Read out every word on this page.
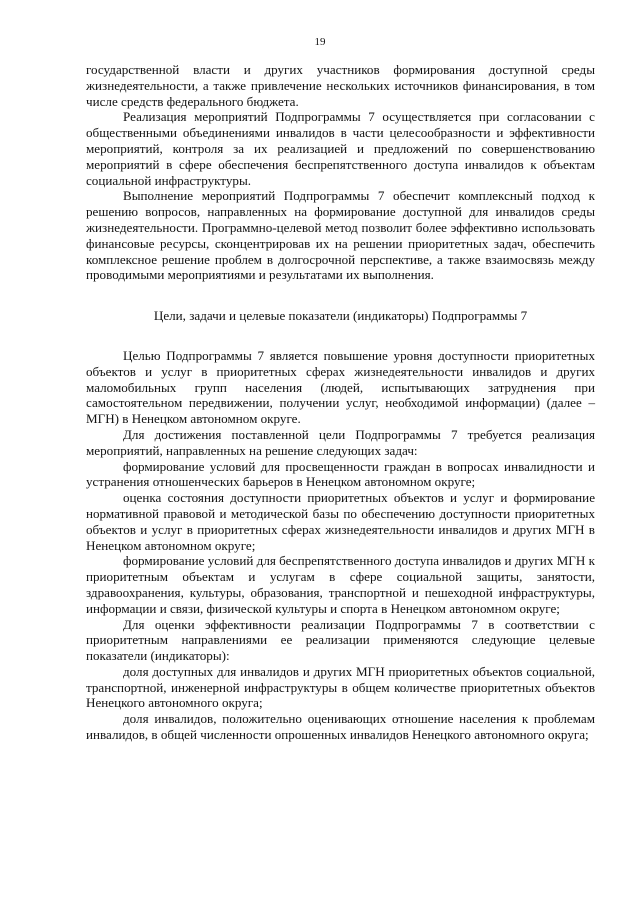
19

государственной власти и других участников формирования доступной среды жизнедеятельности, а также привлечение нескольких источников финансирования, в том числе средств федерального бюджета.

Реализация мероприятий Подпрограммы 7 осуществляется при согласовании с общественными объединениями инвалидов в части целесообразности и эффективности мероприятий, контроля за их реализацией и предложений по совершенствованию мероприятий в сфере обеспечения беспрепятственного доступа инвалидов к объектам социальной инфраструктуры.

Выполнение мероприятий Подпрограммы 7 обеспечит комплексный подход к решению вопросов, направленных на формирование доступной для инвалидов среды жизнедеятельности. Программно-целевой метод позволит более эффективно использовать финансовые ресурсы, сконцентрировав их на решении приоритетных задач, обеспечить комплексное решение проблем в долгосрочной перспективе, а также взаимосвязь между проводимыми мероприятиями и результатами их выполнения.

Цели, задачи и целевые показатели (индикаторы) Подпрограммы 7

Целью Подпрограммы 7 является повышение уровня доступности приоритетных объектов и услуг в приоритетных сферах жизнедеятельности инвалидов и других маломобильных групп населения (людей, испытывающих затруднения при самостоятельном передвижении, получении услуг, необходимой информации) (далее – МГН) в Ненецком автономном округе.

Для достижения поставленной цели Подпрограммы 7 требуется реализация мероприятий, направленных на решение следующих задач:

формирование условий для просвещенности граждан в вопросах инвалидности и устранения отношенческих барьеров в Ненецком автономном округе;

оценка состояния доступности приоритетных объектов и услуг и формирование нормативной правовой и методической базы по обеспечению доступности приоритетных объектов и услуг в приоритетных сферах жизнедеятельности инвалидов и других МГН в Ненецком автономном округе;

формирование условий для беспрепятственного доступа инвалидов и других МГН к приоритетным объектам и услугам в сфере социальной защиты, занятости, здравоохранения, культуры, образования, транспортной и пешеходной инфраструктуры, информации и связи, физической культуры и спорта в Ненецком автономном округе;

Для оценки эффективности реализации Подпрограммы 7 в соответствии с приоритетным направлениями ее реализации применяются следующие целевые показатели (индикаторы):

доля доступных для инвалидов и других МГН приоритетных объектов социальной, транспортной, инженерной инфраструктуры в общем количестве приоритетных объектов Ненецкого автономного округа;

доля инвалидов, положительно оценивающих отношение населения к проблемам инвалидов, в общей численности опрошенных инвалидов Ненецкого автономного округа;
